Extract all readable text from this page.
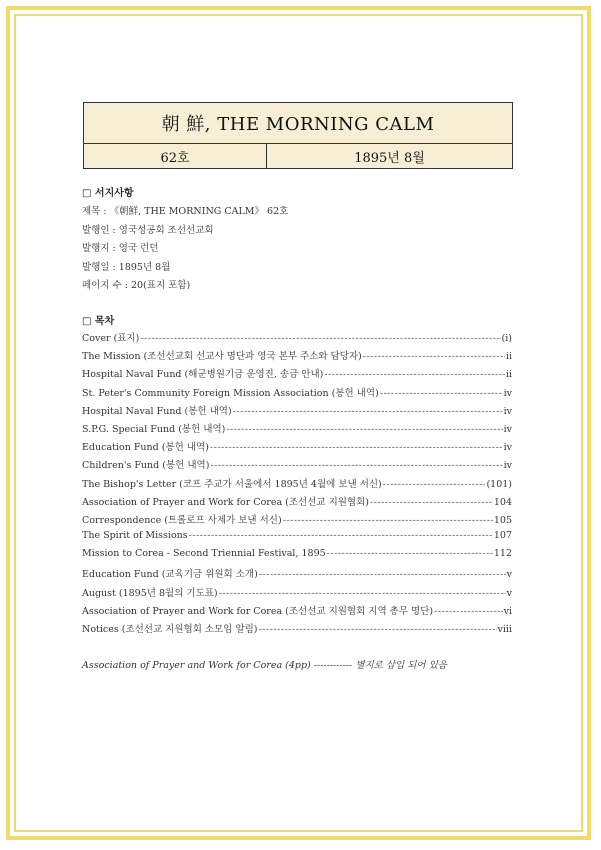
朝 鮮, THE MORNING CALM
62호	1895년 8월
□ 서지사항
제목 : 《朝鮮, THE MORNING CALM》 62호
발행인 : 영국성공회 조선선교회
발행지 : 영국 런던
발행일 : 1895년 8월
페이지 수 : 20(표지 포함)
□ 목차
Cover (표지) -----	(i)
The Mission (조선선교회 선교사 명단과 영국 본부 주소와 담당자) -----	ii
Hospital Naval Fund (해군병원기금 운영진, 송금 안내) -----	ii
St. Peter's Community Foreign Mission Association (봉헌 내역) -----	iv
Hospital Naval Fund (봉헌 내역) -----	iv
S.P.G. Special Fund (봉헌 내역) -----	iv
Education Fund (봉헌 내역) -----	iv
Children's Fund (봉헌 내역) -----	iv
The Bishop's Letter (코프 주교가 서울에서 1895년 4월에 보낸 서신) -----	(101)
Association of Prayer and Work for Corea (조선선교 지원협회) -----	104
Correspondence (트롤로프 사제가 보낸 서신) -----	105
The Spirit of Missions -----	107
Mission to Corea - Second Triennial Festival, 1895 -----	112
Education Fund (교육기금 위원회 소개) -----	v
August (1895년 8월의 기도표) -----	v
Association of Prayer and Work for Corea (조선선교 지원협회 지역 총무 명단) -----	vi
Notices (조선선교 지원협회 소모임 알림) -----	viii
Association of Prayer and Work for Corea (4pp) ------------ 별지로 삽입 되어 있음
